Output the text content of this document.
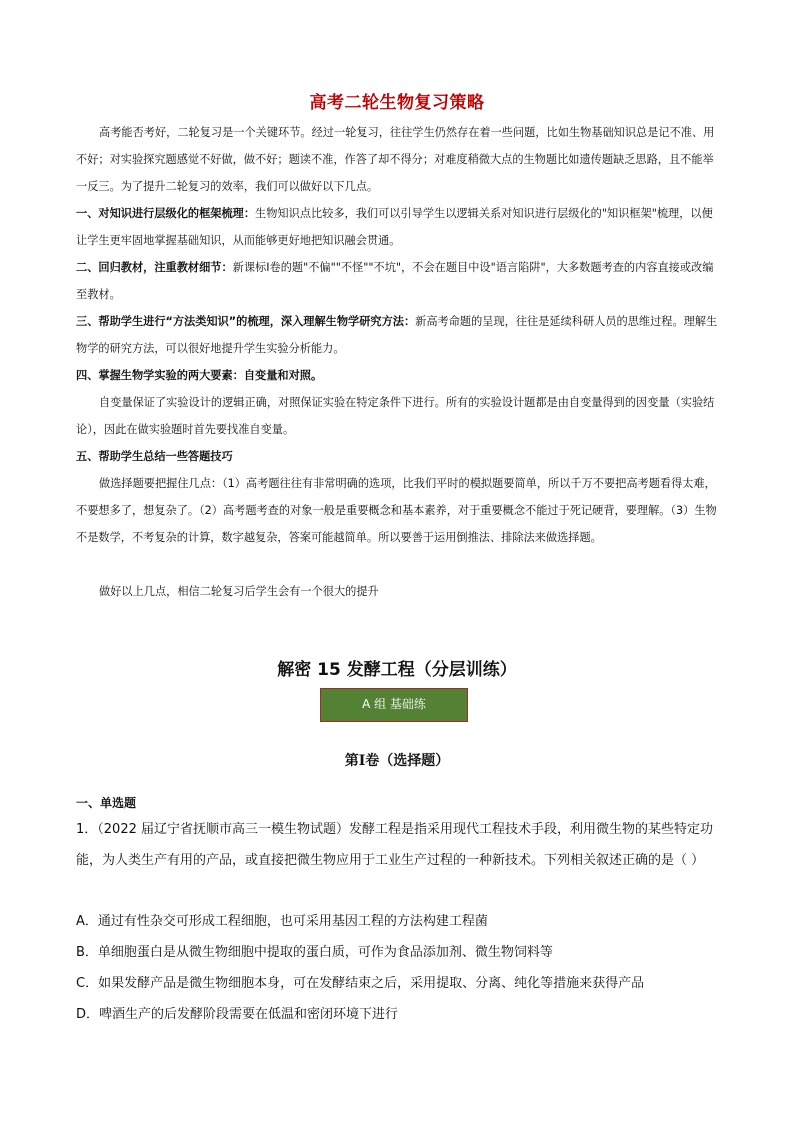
高考二轮生物复习策略
高考能否考好，二轮复习是一个关键环节。经过一轮复习，往往学生仍然存在着一些问题，比如生物基础知识总是记不准、用不好；对实验探究题感觉不好做，做不好；题读不准，作答了却不得分；对难度稍微大点的生物题比如遗传题缺乏思路，且不能举一反三。为了提升二轮复习的效率，我们可以做好以下几点。
一、对知识进行层级化的框架梳理：生物知识点比较多，我们可以引导学生以逻辑关系对知识进行层级化的"知识框架"梳理，以便让学生更牢固地掌握基础知识，从而能够更好地把知识融会贯通。
二、回归教材，注重教材细节：新课标Ⅰ卷的题"不偏""不怪""不坑"，不会在题目中设"语言陷阱"，大多数题考查的内容直接或改编至教材。
三、帮助学生进行“方法类知识”的梳理，深入理解生物学研究方法：新高考命题的呈现，往往是延续科研人员的思维过程。理解生物学的研究方法，可以很好地提升学生实验分析能力。
四、掌握生物学实验的两大要素：自变量和对照。
自变量保证了实验设计的逻辑正确，对照保证实验在特定条件下进行。所有的实验设计题都是由自变量得到的因变量（实验结论），因此在做实验题时首先要找准自变量。
五、帮助学生总结一些答题技巧
做选择题要把握住几点：（1）高考题往往有非常明确的选项，比我们平时的模拟题要简单，所以千万不要把高考题看得太难，不要想多了，想复杂了。（2）高考题考查的对象一般是重要概念和基本素养，对于重要概念不能过于死记硬背，要理解。（3）生物不是数学，不考复杂的计算，数字越复杂，答案可能越简单。所以要善于运用倒推法、排除法来做选择题。
做好以上几点，相信二轮复习后学生会有一个很大的提升
解密 15 发酵工程（分层训练）
A 组 基础练
第Ⅰ卷（选择题）
一、单选题
1．（2022 届辽宁省抚顺市高三一模生物试题）发酵工程是指采用现代工程技术手段，利用微生物的某些特定功能，为人类生产有用的产品，或直接把微生物应用于工业生产过程的一种新技术。下列相关叙述正确的是（ ）
A．通过有性杂交可形成工程细胞，也可采用基因工程的方法构建工程菌
B．单细胞蛋白是从微生物细胞中提取的蛋白质，可作为食品添加剂、微生物饲料等
C．如果发酵产品是微生物细胞本身，可在发酵结束之后，采用提取、分离、纯化等措施来获得产品
D．啤酒生产的后发酵阶段需要在低温和密闭环境下进行
